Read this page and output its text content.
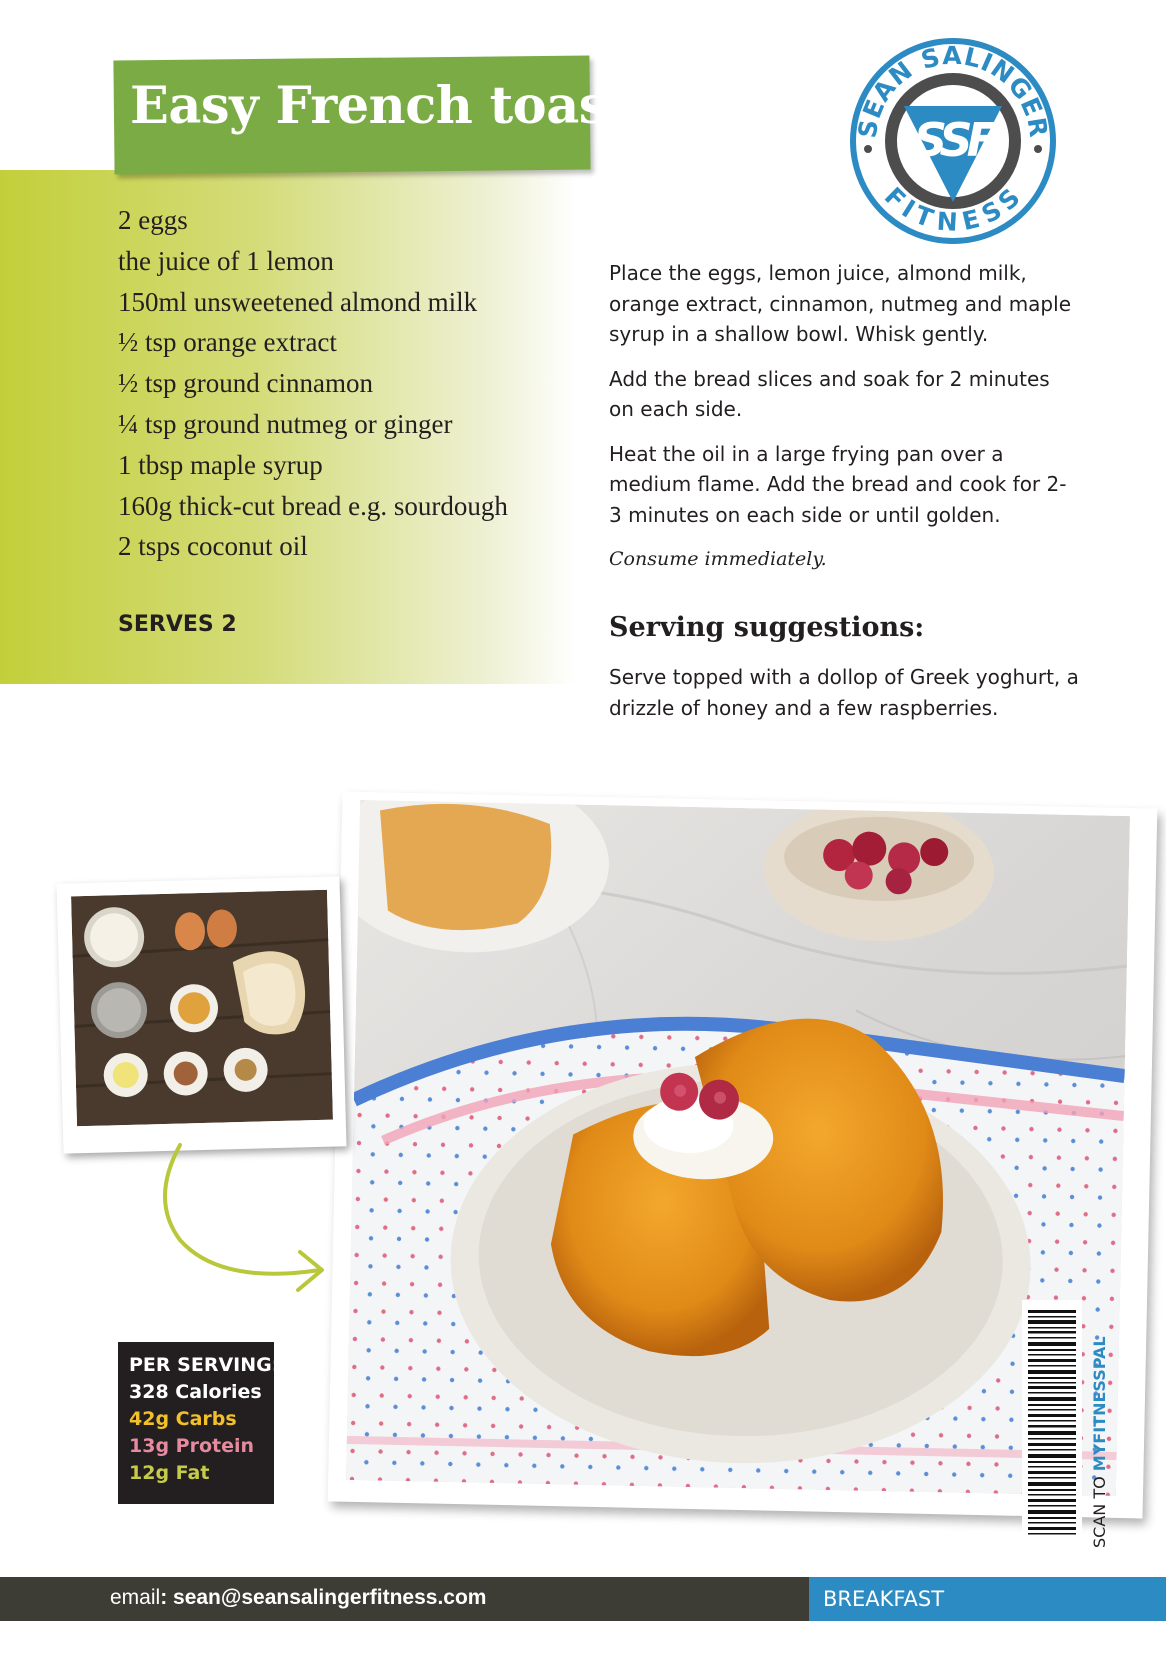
Easy French toast
2 eggs
the juice of 1 lemon
150ml unsweetened almond milk
½ tsp orange extract
½ tsp ground cinnamon
¼ tsp ground nutmeg or ginger
1 tbsp maple syrup
160g thick-cut bread e.g. sourdough
2 tsps coconut oil
SERVES 2
SEAN SALINGER
FITNESS
SSF

Place the eggs, lemon juice, almond milk, orange extract, cinnamon, nutmeg and maple syrup in a shallow bowl. Whisk gently.

Add the bread slices and soak for 2 minutes on each side.

Heat the oil in a large frying pan over a medium flame. Add the bread and cook for 2-3 minutes on each side or until golden.

Consume immediately.

Serving suggestions:

Serve topped with a dollop of Greek yoghurt, a drizzle of honey and a few raspberries.

PER SERVING:
328 Calories
42g Carbs
13g Protein
12g Fat	SCAN TO MYFITNESSPAL
email: sean@seansalingerfitness.com	BREAKFAST
